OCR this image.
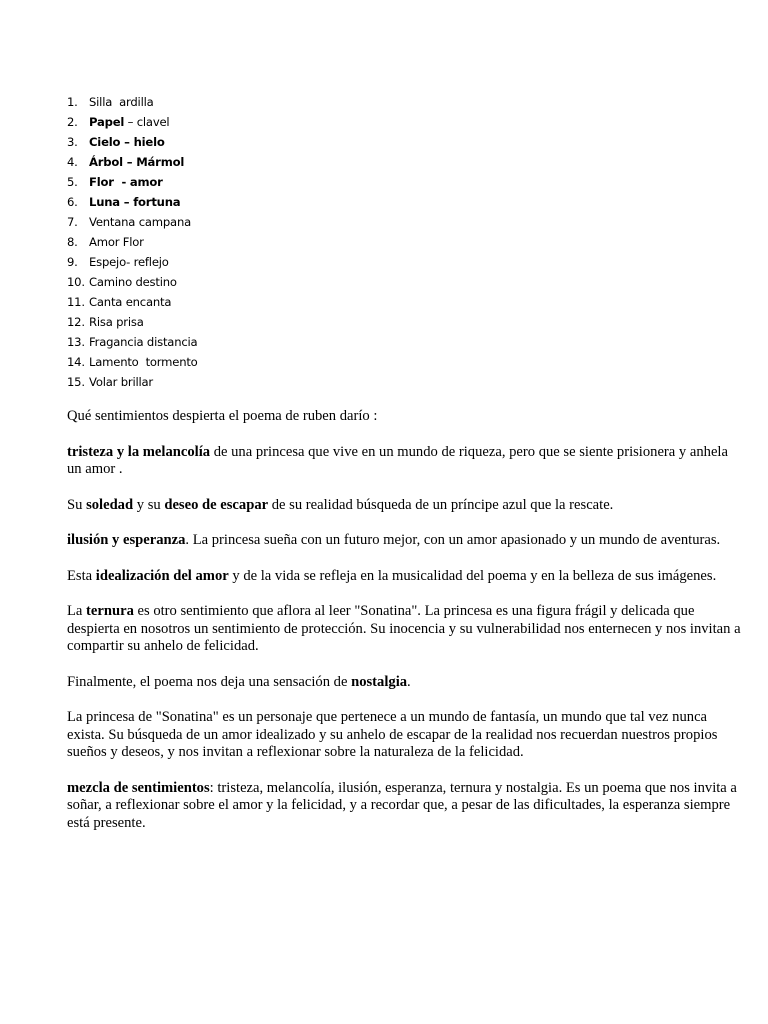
1. Silla ardilla
2. Papel – clavel
3. Cielo – hielo
4. Árbol – Mármol
5. Flor  - amor
6. Luna – fortuna
7. Ventana campana
8. Amor Flor
9. Espejo- reflejo
10. Camino destino
11. Canta encanta
12. Risa prisa
13. Fragancia distancia
14. Lamento tormento
15. Volar brillar

Qué sentimientos despierta el poema de ruben darío :

tristeza y la melancolía de una princesa que vive en un mundo de riqueza, pero que se siente prisionera y anhela un amor .

Su soledad y su deseo de escapar de su realidad búsqueda de un príncipe azul que la rescate.

ilusión y esperanza. La princesa sueña con un futuro mejor, con un amor apasionado y un mundo de aventuras.

Esta idealización del amor y de la vida se refleja en la musicalidad del poema y en la belleza de sus imágenes.

La ternura es otro sentimiento que aflora al leer "Sonatina". La princesa es una figura frágil y delicada que despierta en nosotros un sentimiento de protección. Su inocencia y su vulnerabilidad nos enternecen y nos invitan a compartir su anhelo de felicidad.

Finalmente, el poema nos deja una sensación de nostalgia.

La princesa de "Sonatina" es un personaje que pertenece a un mundo de fantasía, un mundo que tal vez nunca exista. Su búsqueda de un amor idealizado y su anhelo de escapar de la realidad nos recuerdan nuestros propios sueños y deseos, y nos invitan a reflexionar sobre la naturaleza de la felicidad.

mezcla de sentimientos: tristeza, melancolía, ilusión, esperanza, ternura y nostalgia. Es un poema que nos invita a soñar, a reflexionar sobre el amor y la felicidad, y a recordar que, a pesar de las dificultades, la esperanza siempre está presente.
